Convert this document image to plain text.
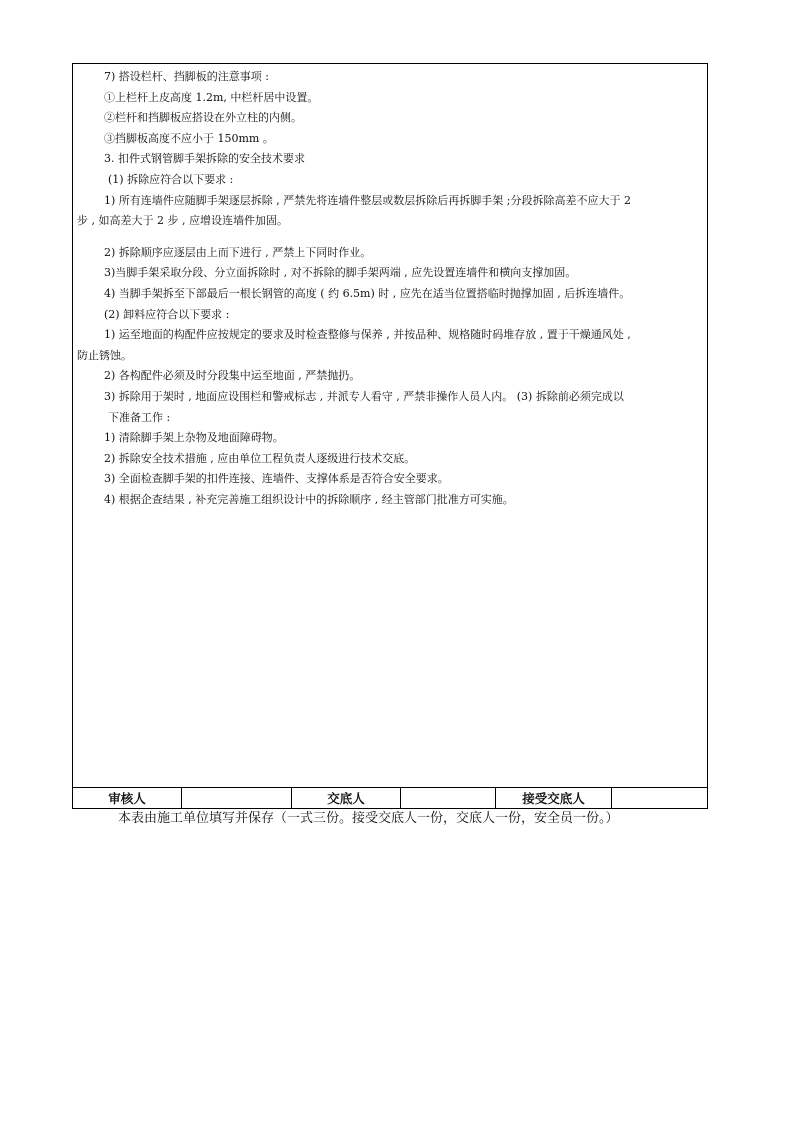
7) 搭设栏杆、挡脚板的注意事项 :
①上栏杆上皮高度 1.2m, 中栏杆居中设置。
②栏杆和挡脚板应搭设在外立柱的内侧。
③挡脚板高度不应小于 150mm 。
3. 扣件式钢管脚手架拆除的安全技术要求
(1) 拆除应符合以下要求 :
1) 所有连墙件应随脚手架逐层拆除 , 严禁先将连墙件整层或数层拆除后再拆脚手架 ;分段拆除高差不应大于 2
步 , 如高差大于 2 步 , 应增设连墙件加固。
2) 拆除顺序应逐层由上而下进行 , 严禁上下同时作业。
3)当脚手架采取分段、分立面拆除时 , 对不拆除的脚手架两端 , 应先设置连墙件和横向支撑加固。
4) 当脚手架拆至下部最后一根长钢管的高度 ( 约 6.5m) 时 , 应先在适当位置搭临时抛撑加固 , 后拆连墙件。
(2) 卸料应符合以下要求 :
1) 运至地面的构配件应按规定的要求及时检查整修与保养 , 并按品种、规格随时码堆存放 , 置于干燥通风处 ,
防止锈蚀。
2) 各构配件必须及时分段集中运至地面 , 严禁抛扔。
3) 拆除用于架时 , 地面应设围栏和警戒标志 , 并派专人看守 , 严禁非操作人员人内。 (3) 拆除前必须完成以
下准备工作 :
1) 清除脚手架上杂物及地面障碍物。
2) 拆除安全技术措施 , 应由单位工程负责人逐级进行技术交底。
3) 全面检查脚手架的扣件连接、连墙件、支撑体系是否符合安全要求。
4) 根据企查结果 , 补充完善施工组织设计中的拆除顺序 , 经主管部门批准方可实施。
审核人		交底人		接受交底人	
本表由施工单位填写并保存（一式三份。接受交底人一份，交底人一份，安全员一份。）
